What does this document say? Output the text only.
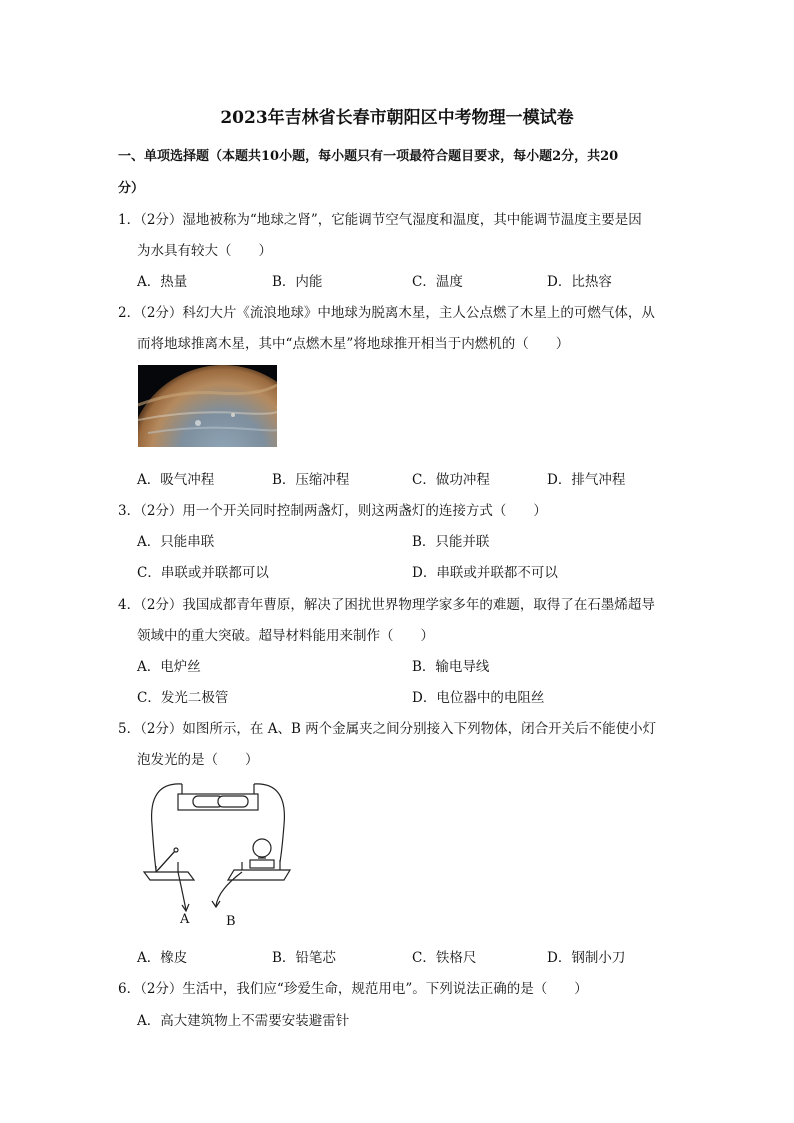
2023年吉林省长春市朝阳区中考物理一模试卷
一、单项选择题（本题共10小题，每小题只有一项最符合题目要求，每小题2分，共20
分）
1．（2分）湿地被称为“地球之肾”，它能调节空气湿度和温度，其中能调节温度主要是因
为水具有较大（　　）
A．热量	B．内能	C．温度	D．比热容
2．（2分）科幻大片《流浪地球》中地球为脱离木星，主人公点燃了木星上的可燃气体，从
而将地球推离木星，其中“点燃木星”将地球推开相当于内燃机的（　　）
A．吸气冲程	B．压缩冲程	C．做功冲程	D．排气冲程
3．（2分）用一个开关同时控制两盏灯，则这两盏灯的连接方式（　　）
A．只能串联	B．只能并联
C．串联或并联都可以	D．串联或并联都不可以
4．（2分）我国成都青年曹原，解决了困扰世界物理学家多年的难题，取得了在石墨烯超导
领域中的重大突破。超导材料能用来制作（　　）
A．电炉丝	B．输电导线
C．发光二极管	D．电位器中的电阻丝
5．（2分）如图所示，在 A、B 两个金属夹之间分别接入下列物体，闭合开关后不能使小灯
泡发光的是（　　）
A	B
A．橡皮	B．铅笔芯	C．铁格尺	D．钢制小刀
6．（2分）生活中，我们应“珍爱生命，规范用电”。下列说法正确的是（　　）
A．高大建筑物上不需要安装避雷针
